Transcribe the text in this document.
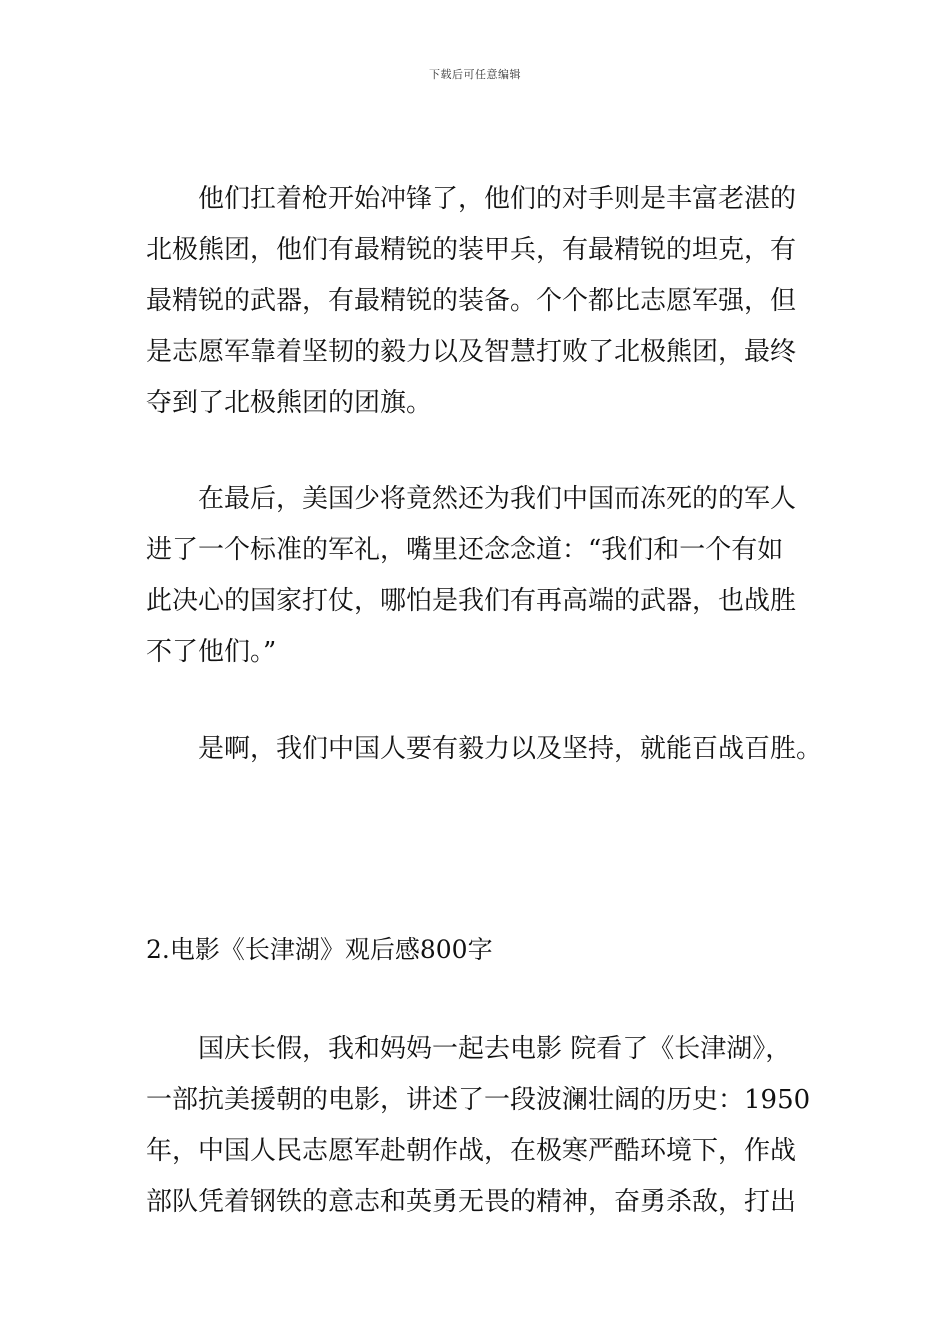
下载后可任意编辑
他们扛着枪开始冲锋了，他们的对手则是丰富老湛的
北极熊团，他们有最精锐的装甲兵，有最精锐的坦克，有
最精锐的武器，有最精锐的装备。个个都比志愿军强，但
是志愿军靠着坚韧的毅力以及智慧打败了北极熊团，最终
夺到了北极熊团的团旗。
在最后，美国少将竟然还为我们中国而冻死的的军人
进了一个标准的军礼，嘴里还念念道：“我们和一个有如
此决心的国家打仗，哪怕是我们有再高端的武器，也战胜
不了他们。”
是啊，我们中国人要有毅力以及坚持，就能百战百胜。
2.电影《长津湖》观后感800字
国庆长假，我和妈妈一起去电影 院看了《长津湖》，
一部抗美援朝的电影，讲述了一段波澜壮阔的历史：1950
年，中国人民志愿军赴朝作战，在极寒严酷环境下，作战
部队凭着钢铁的意志和英勇无畏的精神，奋勇杀敌，打出
